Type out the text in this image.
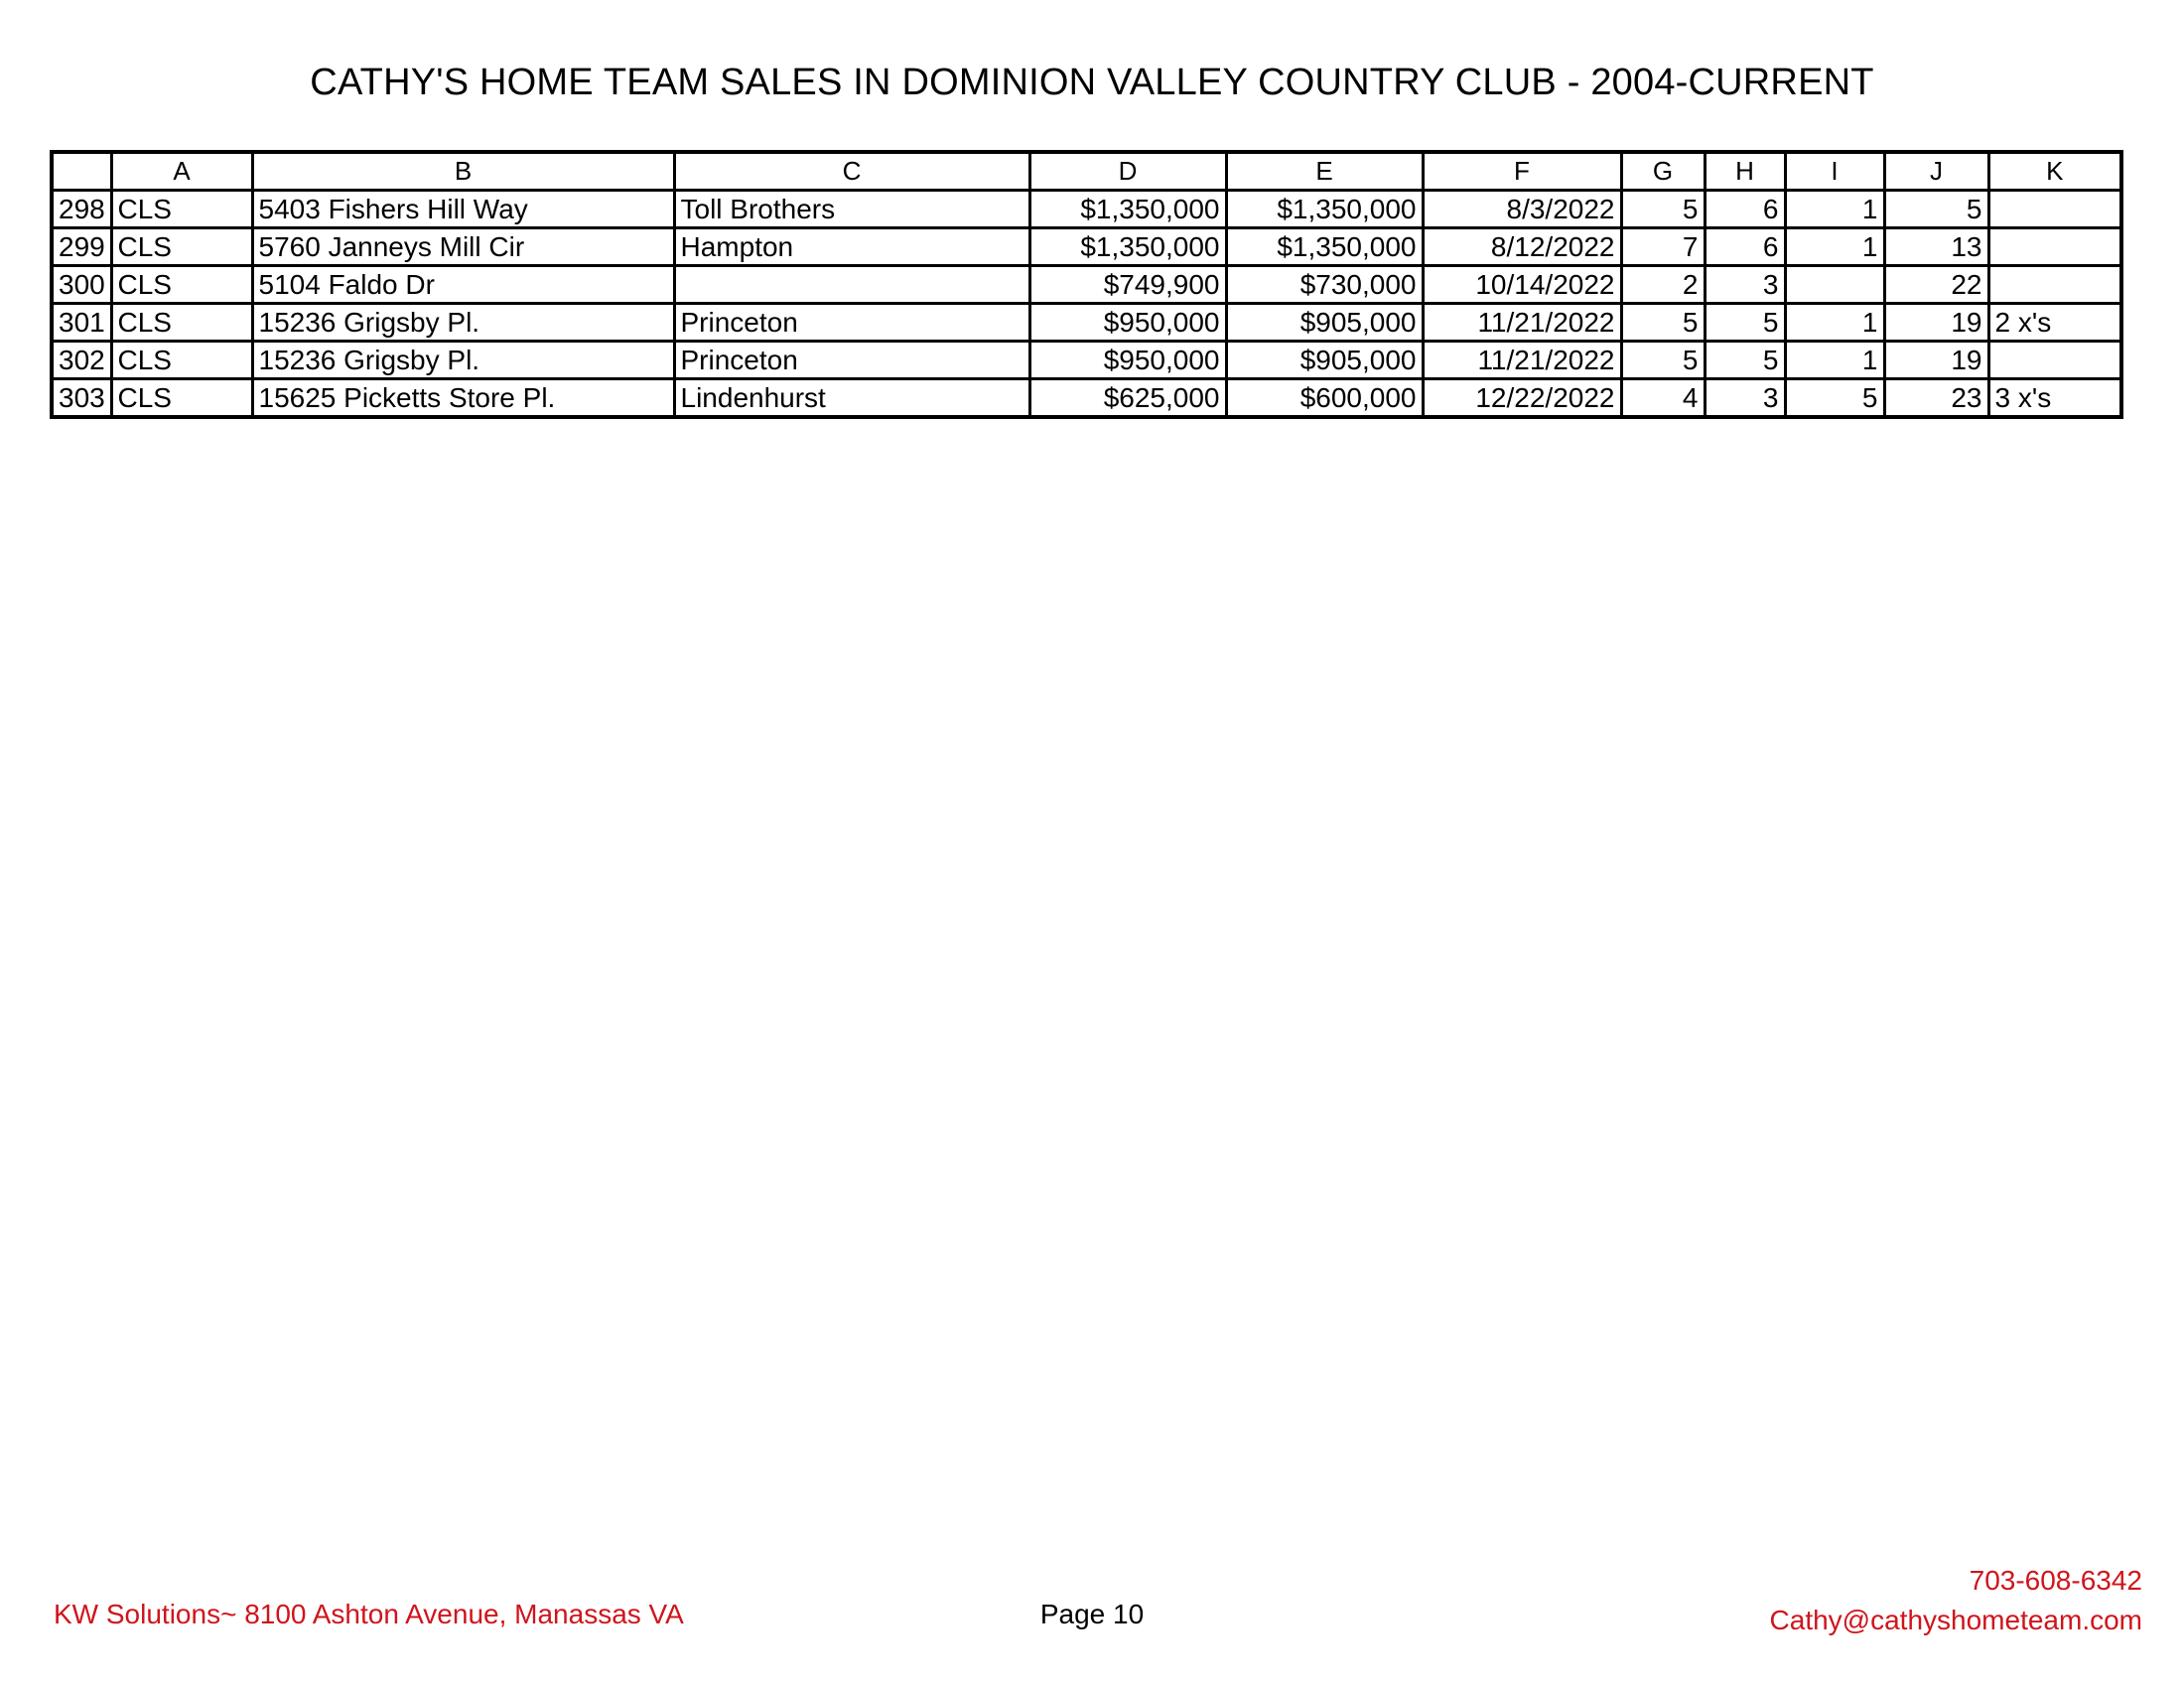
CATHY'S HOME TEAM SALES IN DOMINION VALLEY COUNTRY CLUB - 2004-CURRENT
	A	B	C	D	E	F	G	H	I	J	K
298	CLS	5403 Fishers Hill Way	Toll Brothers	$1,350,000	$1,350,000	8/3/2022	5	6	1	5	
299	CLS	5760 Janneys Mill Cir	Hampton	$1,350,000	$1,350,000	8/12/2022	7	6	1	13	
300	CLS	5104 Faldo Dr		$749,900	$730,000	10/14/2022	2	3		22	
301	CLS	15236 Grigsby Pl.	Princeton	$950,000	$905,000	11/21/2022	5	5	1	19	2 x's
302	CLS	15236 Grigsby Pl.	Princeton	$950,000	$905,000	11/21/2022	5	5	1	19	
303	CLS	15625 Picketts Store Pl.	Lindenhurst	$625,000	$600,000	12/22/2022	4	3	5	23	3 x's
KW Solutions~ 8100 Ashton Avenue, Manassas VA	Page 10
703-608-6342
Cathy@cathyshometeam.com
